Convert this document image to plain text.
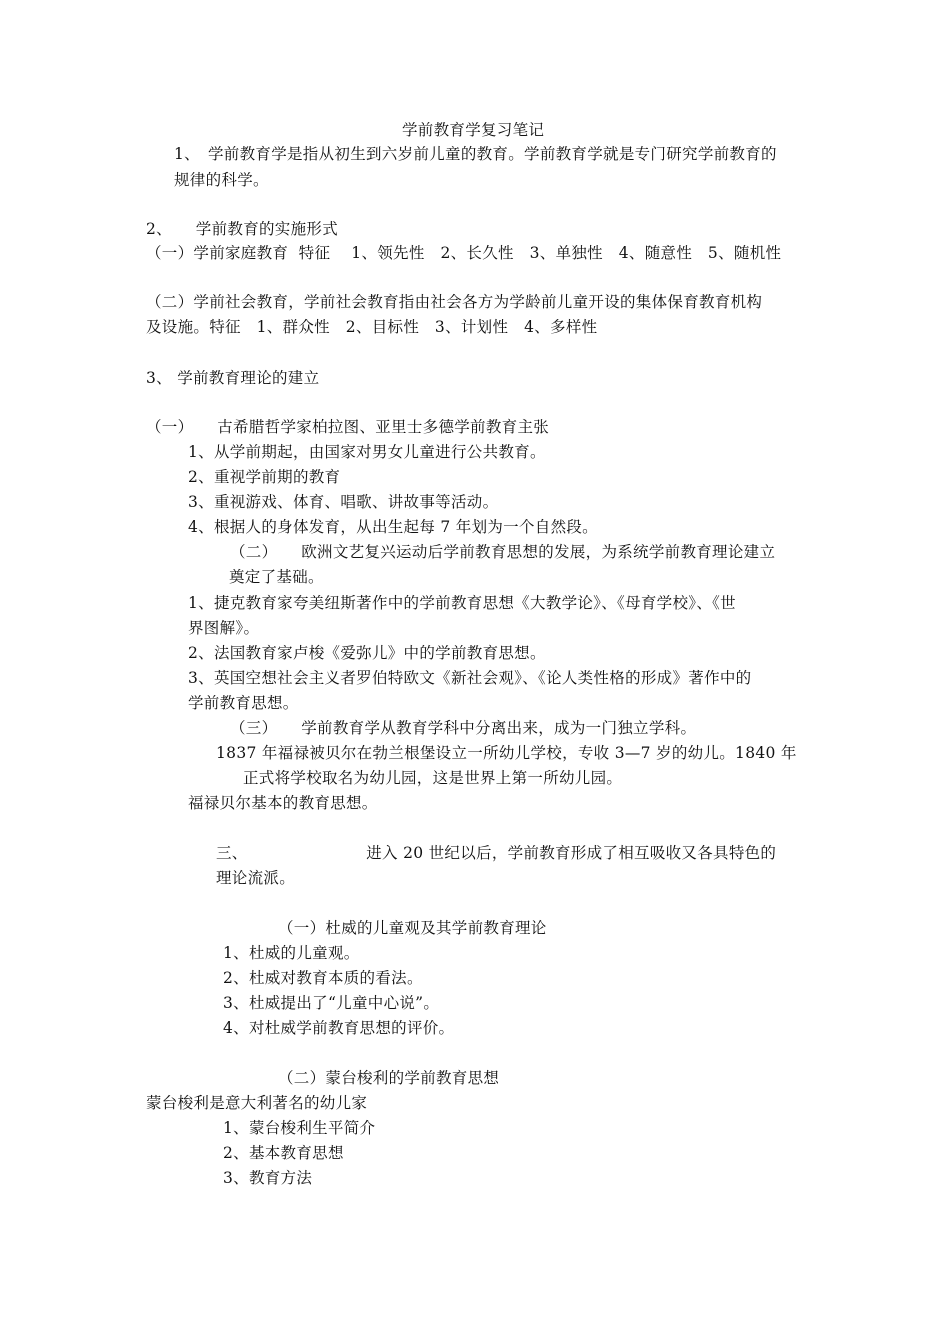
学前教育学复习笔记
1、　学前教育学是指从初生到六岁前儿童的教育。学前教育学就是专门研究学前教育的
规律的科学。
2、　　学前教育的实施形式
（一）学前家庭教育  特征　 1、领先性　2、长久性　3、单独性　4、随意性　5、随机性
（二）学前社会教育，学前社会教育指由社会各方为学龄前儿童开设的集体保育教育机构
及设施。特征　1、群众性　2、目标性　3、计划性　4、多样性
3、 学前教育理论的建立
（一）　　古希腊哲学家柏拉图、亚里士多德学前教育主张
1、从学前期起，由国家对男女儿童进行公共教育。
2、重视学前期的教育
3、重视游戏、体育、唱歌、讲故事等活动。
4、根据人的身体发育，从出生起每 7 年划为一个自然段。
（二）　　欧洲文艺复兴运动后学前教育思想的发展，为系统学前教育理论建立
奠定了基础。
1、捷克教育家夸美纽斯著作中的学前教育思想《大教学论》、《母育学校》、《世
界图解》。
2、法国教育家卢梭《爱弥儿》中的学前教育思想。
3、英国空想社会主义者罗伯特欧文《新社会观》、《论人类性格的形成》著作中的
学前教育思想。
（三）　　学前教育学从教育学科中分离出来，成为一门独立学科。
1837 年福禄被贝尔在勃兰根堡设立一所幼儿学校，专收 3—7 岁的幼儿。1840 年
正式将学校取名为幼儿园，这是世界上第一所幼儿园。
福禄贝尔基本的教育思想。
三、　　　　　　　　进入 20 世纪以后，学前教育形成了相互吸收又各具特色的
理论流派。
（一）杜威的儿童观及其学前教育理论
1、杜威的儿童观。
2、杜威对教育本质的看法。
3、杜威提出了“儿童中心说”。
4、对杜威学前教育思想的评价。
（二）蒙台梭利的学前教育思想
蒙台梭利是意大利著名的幼儿家
1、蒙台梭利生平简介
2、基本教育思想
3、教育方法
